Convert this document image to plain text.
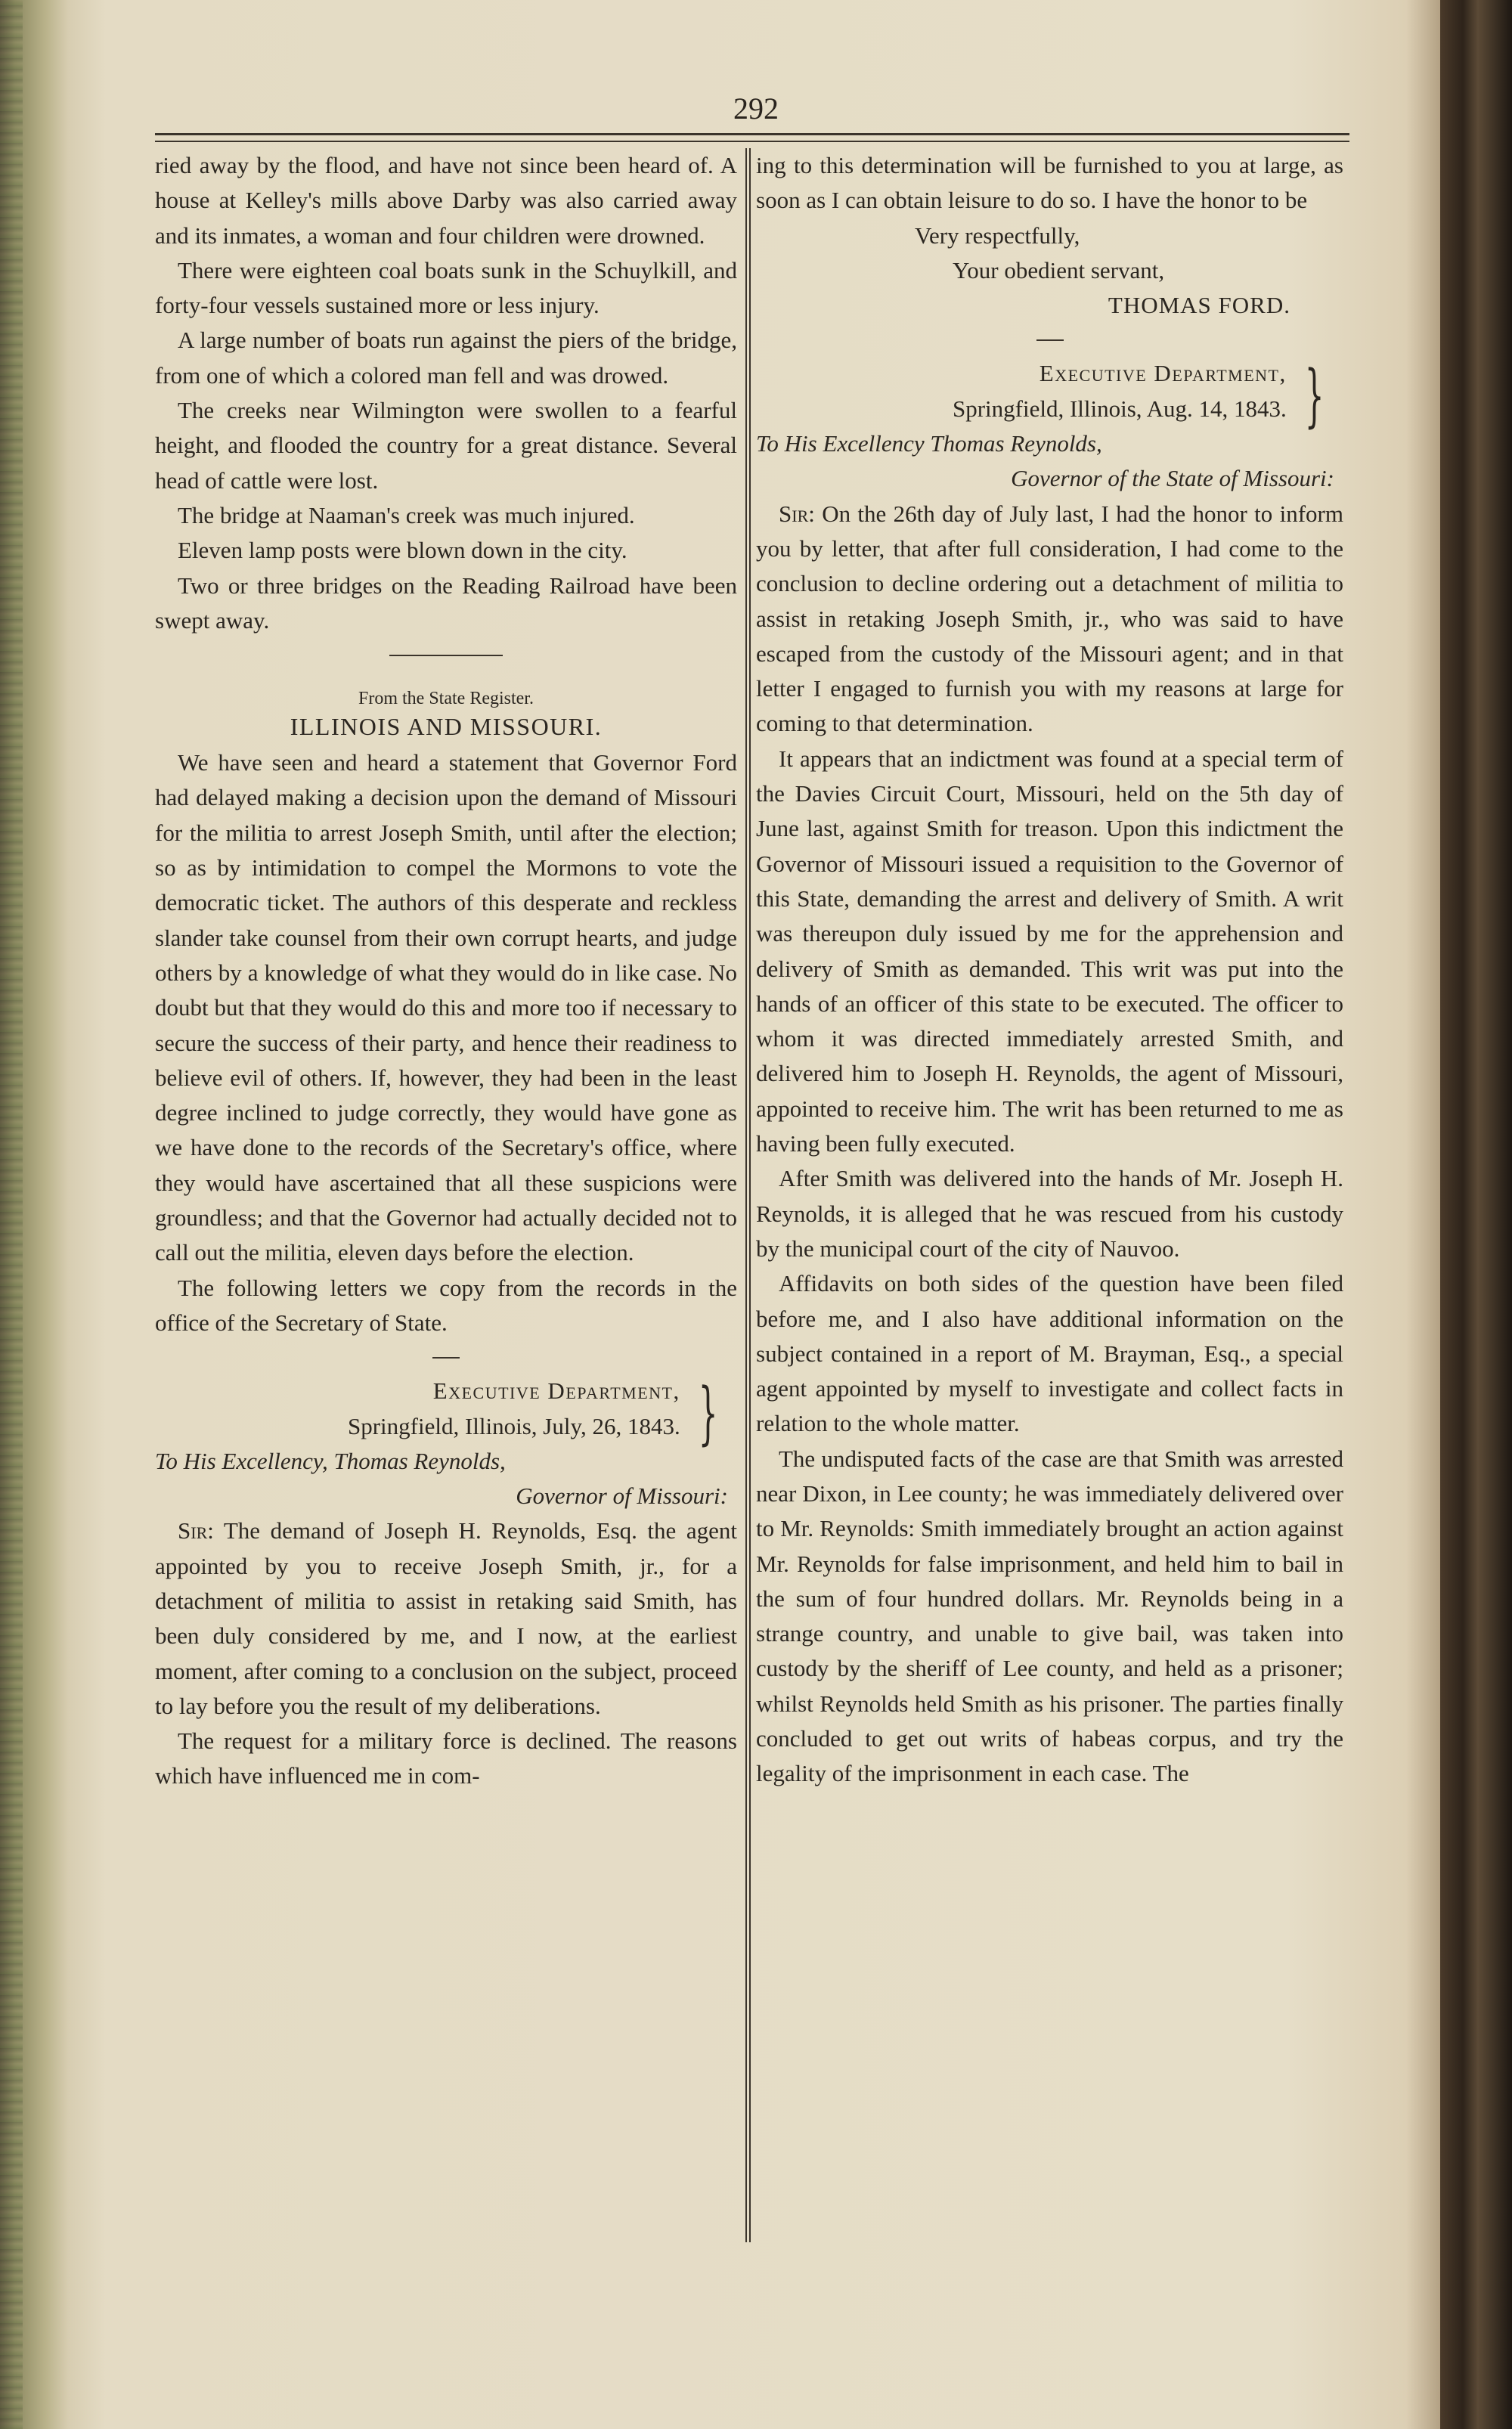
292

ried away by the flood, and have not since been heard of. A house at Kelley's mills above Darby was also carried away and its inmates, a woman and four children were drowned.

There were eighteen coal boats sunk in the Schuylkill, and forty-four vessels sustained more or less injury.

A large number of boats run against the piers of the bridge, from one of which a colored man fell and was drowed.

The creeks near Wilmington were swollen to a fearful height, and flooded the country for a great distance. Several head of cattle were lost.

The bridge at Naaman's creek was much injured.

Eleven lamp posts were blown down in the city.

Two or three bridges on the Reading Railroad have been swept away.

From the State Register.

ILLINOIS AND MISSOURI.

We have seen and heard a statement that Governor Ford had delayed making a decision upon the demand of Missouri for the militia to arrest Joseph Smith, until after the election; so as by intimidation to compel the Mormons to vote the democratic ticket. The authors of this desperate and reckless slander take counsel from their own corrupt hearts, and judge others by a knowledge of what they would do in like case. No doubt but that they would do this and more too if necessary to secure the success of their party, and hence their readiness to believe evil of others. If, however, they had been in the least degree inclined to judge correctly, they would have gone as we have done to the records of the Secretary's office, where they would have ascertained that all these suspicions were groundless; and that the Governor had actually decided not to call out the militia, eleven days before the election.

The following letters we copy from the records in the office of the Secretary of State.

Executive Department,
Springfield, Illinois, July, 26, 1843. }

To His Excellency, Thomas Reynolds,

Governor of Missouri:

Sir: The demand of Joseph H. Reynolds, Esq. the agent appointed by you to receive Joseph Smith, jr., for a detachment of militia to assist in retaking said Smith, has been duly considered by me, and I now, at the earliest moment, after coming to a conclusion on the subject, proceed to lay before you the result of my deliberations.

The request for a military force is declined. The reasons which have influenced me in com-

ing to this determination will be furnished to you at large, as soon as I can obtain leisure to do so. I have the honor to be

Very respectfully,

Your obedient servant,

THOMAS FORD.

Executive Department,
Springfield, Illinois, Aug. 14, 1843. }

To His Excellency Thomas Reynolds,

Governor of the State of Missouri:

Sir: On the 26th day of July last, I had the honor to inform you by letter, that after full consideration, I had come to the conclusion to decline ordering out a detachment of militia to assist in retaking Joseph Smith, jr., who was said to have escaped from the custody of the Missouri agent; and in that letter I engaged to furnish you with my reasons at large for coming to that determination.

It appears that an indictment was found at a special term of the Davies Circuit Court, Missouri, held on the 5th day of June last, against Smith for treason. Upon this indictment the Governor of Missouri issued a requisition to the Governor of this State, demanding the arrest and delivery of Smith. A writ was thereupon duly issued by me for the apprehension and delivery of Smith as demanded. This writ was put into the hands of an officer of this state to be executed. The officer to whom it was directed immediately arrested Smith, and delivered him to Joseph H. Reynolds, the agent of Missouri, appointed to receive him. The writ has been returned to me as having been fully executed.

After Smith was delivered into the hands of Mr. Joseph H. Reynolds, it is alleged that he was rescued from his custody by the municipal court of the city of Nauvoo.

Affidavits on both sides of the question have been filed before me, and I also have additional information on the subject contained in a report of M. Brayman, Esq., a special agent appointed by myself to investigate and collect facts in relation to the whole matter.

The undisputed facts of the case are that Smith was arrested near Dixon, in Lee county; he was immediately delivered over to Mr. Reynolds: Smith immediately brought an action against Mr. Reynolds for false imprisonment, and held him to bail in the sum of four hundred dollars. Mr. Reynolds being in a strange country, and unable to give bail, was taken into custody by the sheriff of Lee county, and held as a prisoner; whilst Reynolds held Smith as his prisoner. The parties finally concluded to get out writs of habeas corpus, and try the legality of the imprisonment in each case. The
